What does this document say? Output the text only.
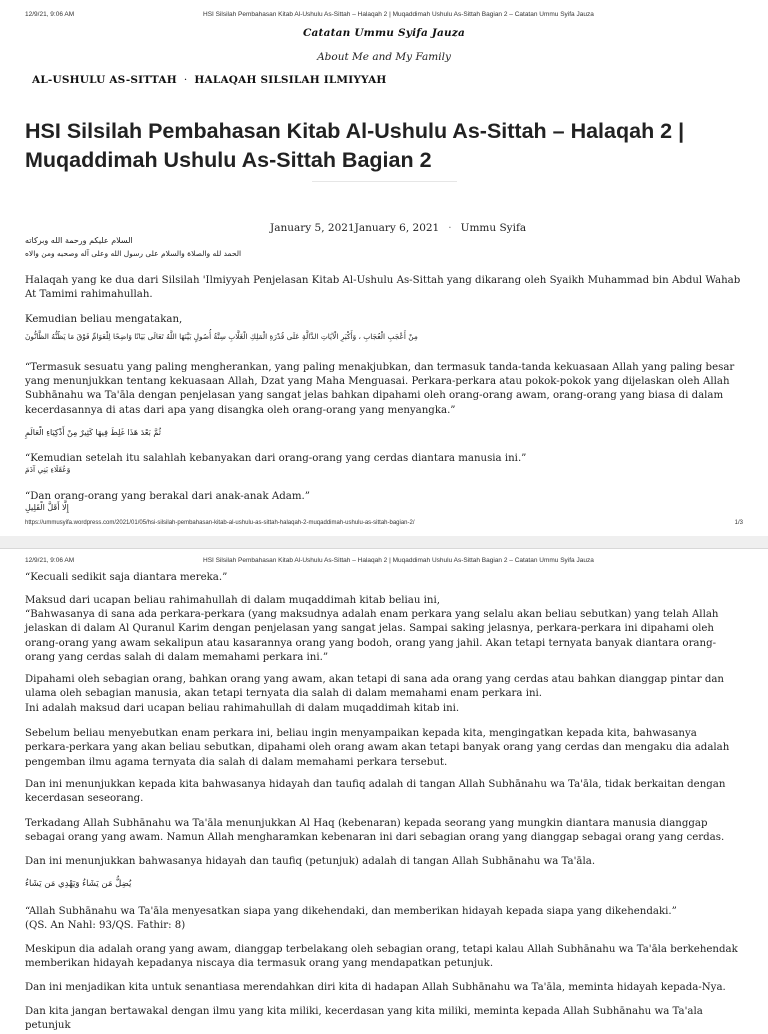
12/9/21, 9:06 AM	HSI Silsilah Pembahasan Kitab Al-Ushulu As-Sittah – Halaqah 2 | Muqaddimah Ushulu As-Sittah Bagian 2 – Catatan Ummu Syifa Jauza
Catatan Ummu Syifa Jauza
About Me and My Family
AL-USHULU AS-SITTAH · HALAQAH SILSILAH ILMIYYAH
HSI Silsilah Pembahasan Kitab Al-Ushulu As-Sittah – Halaqah 2 | Muqaddimah Ushulu As-Sittah Bagian 2
January 5, 2021January 6, 2021 · Ummu Syifa
السلام عليكم ورحمة الله وبركاته
الحمد لله والصلاة والسلام على رسول الله وعلى آله وصحبه ومن والاه

Halaqah yang ke dua dari Silsilah 'Ilmiyyah Penjelasan Kitab Al-Ushulu As-Sittah yang dikarang oleh Syaikh Muhammad bin Abdul Wahab At Tamimi rahimahullah.

Kemudian beliau mengatakan,

مِنْ أَعْجَبِ الْعُجَابِ ، وَأَكْبَرِ الْآيَاتِ الدَّالَّةِ عَلَى قُدْرَةِ الْمَلِكِ الْغَلَّابِ سِتَّةُ أُصُولٍ بَيَّنَهَا اللَّهُ تَعَالَى بَيَانًا وَاضِحًا لِلْعَوَامِّ فَوْقَ مَا يَظُنُّهُ الظَّانُّونَ

“Termasuk sesuatu yang paling mengherankan, yang paling menakjubkan, dan termasuk tanda-tanda kekuasaan Allah yang paling besar yang menunjukkan tentang kekuasaan Allah, Dzat yang Maha Menguasai. Perkara-perkara atau pokok-pokok yang dijelaskan oleh Allah Subhānahu wa Ta'āla dengan penjelasan yang sangat jelas bahkan dipahami oleh orang-orang awam, orang-orang yang biasa di dalam kecerdasannya di atas dari apa yang disangka oleh orang-orang yang menyangka.”

ثُمَّ بَعْدَ هَذَا غَلِطَ فِيهَا كَثِيرٌ مِنْ أَذْكِيَاءِ الْعَالَمِ

“Kemudian setelah itu salahlah kebanyakan dari orang-orang yang cerdas diantara manusia ini.”

وَعُقَلَاءِ بَنِي آدَمَ

“Dan orang-orang yang berakal dari anak-anak Adam.”

إِلَّا أَقَلَّ الْقَلِيلِ
https://ummusyifa.wordpress.com/2021/01/05/hsi-silsilah-pembahasan-kitab-al-ushulu-as-sittah-halaqah-2-muqaddimah-ushulu-as-sittah-bagian-2/	1/3
12/9/21, 9:06 AM	HSI Silsilah Pembahasan Kitab Al-Ushulu As-Sittah – Halaqah 2 | Muqaddimah Ushulu As-Sittah Bagian 2 – Catatan Ummu Syifa Jauza

“Kecuali sedikit saja diantara mereka.”

Maksud dari ucapan beliau rahimahullah di dalam muqaddimah kitab beliau ini,

“Bahwasanya di sana ada perkara-perkara (yang maksudnya adalah enam perkara yang selalu akan beliau sebutkan) yang telah Allah jelaskan di dalam Al Quranul Karim dengan penjelasan yang sangat jelas. Sampai saking jelasnya, perkara-perkara ini dipahami oleh orang-orang yang awam sekalipun atau kasarannya orang yang bodoh, orang yang jahil. Akan tetapi ternyata banyak diantara orang-orang yang cerdas salah di dalam memahami perkara ini.”

Dipahami oleh sebagian orang, bahkan orang yang awam, akan tetapi di sana ada orang yang cerdas atau bahkan dianggap pintar dan ulama oleh sebagian manusia, akan tetapi ternyata dia salah di dalam memahami enam perkara ini.

Ini adalah maksud dari ucapan beliau rahimahullah di dalam muqaddimah kitab ini.

Sebelum beliau menyebutkan enam perkara ini, beliau ingin menyampaikan kepada kita, mengingatkan kepada kita, bahwasanya perkara-perkara yang akan beliau sebutkan, dipahami oleh orang awam akan tetapi banyak orang yang cerdas dan mengaku dia adalah pengemban ilmu agama ternyata dia salah di dalam memahami perkara tersebut.

Dan ini menunjukkan kepada kita bahwasanya hidayah dan taufiq adalah di tangan Allah Subhānahu wa Ta'āla, tidak berkaitan dengan kecerdasan seseorang.

Terkadang Allah Subhānahu wa Ta'āla menunjukkan Al Haq (kebenaran) kepada seorang yang mungkin diantara manusia dianggap sebagai orang yang awam. Namun Allah mengharamkan kebenaran ini dari sebagian orang yang dianggap sebagai orang yang cerdas.

Dan ini menunjukkan bahwasanya hidayah dan taufiq (petunjuk) adalah di tangan Allah Subhānahu wa Ta'āla.

يُضِلُّ مَن يَشَاءُ وَيَهْدِي مَن يَشَاءُ

“Allah Subhānahu wa Ta'āla menyesatkan siapa yang dikehendaki, dan memberikan hidayah kepada siapa yang dikehendaki.”

(QS. An Nahl: 93/QS. Fathir: 8)

Meskipun dia adalah orang yang awam, dianggap terbelakang oleh sebagian orang, tetapi kalau Allah Subhānahu wa Ta'āla berkehendak memberikan hidayah kepadanya niscaya dia termasuk orang yang mendapatkan petunjuk.

Dan ini menjadikan kita untuk senantiasa merendahkan diri kita di hadapan Allah Subhānahu wa Ta'āla, meminta hidayah kepada-Nya.

Dan kita jangan bertawakal dengan ilmu yang kita miliki, kecerdasan yang kita miliki, meminta kepada Allah Subhānahu wa Ta'ala petunjuk
